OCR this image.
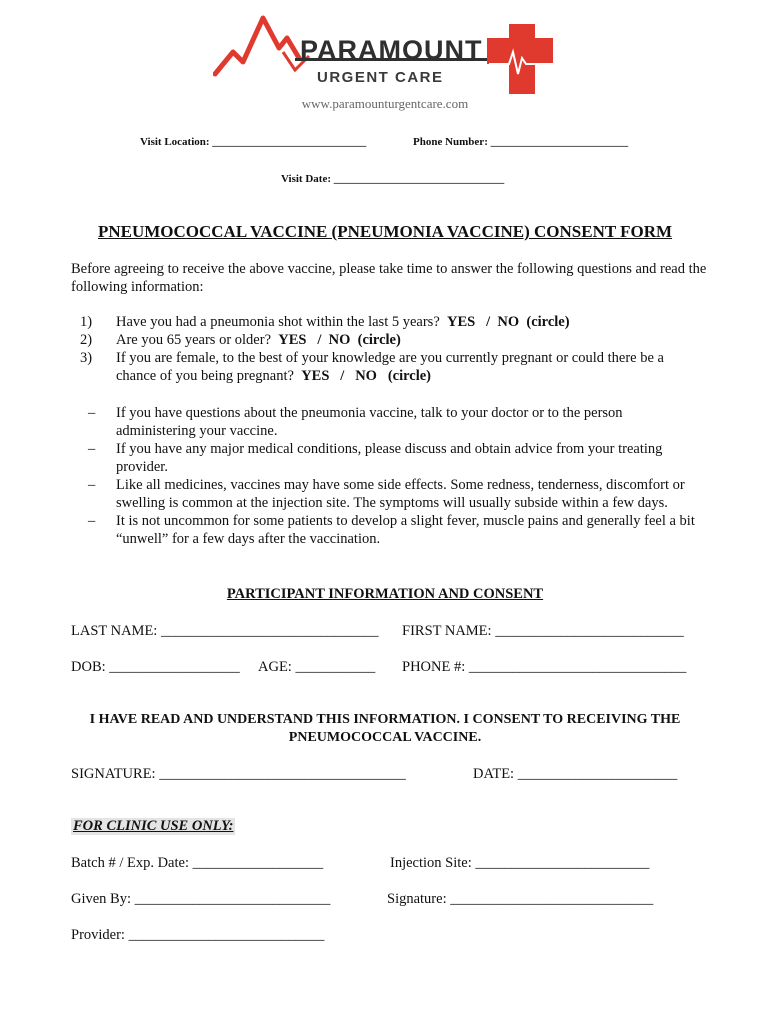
PARAMOUNT
URGENT CARE
www.paramounturgentcare.com
Visit Location: ____________________________	Phone Number: _________________________
Visit Date: _______________________________
PNEUMOCOCCAL VACCINE (PNEUMONIA VACCINE) CONSENT FORM
Before agreeing to receive the above vaccine, please take time to answer the following questions and read the following information:
1)	Have you had a pneumonia shot within the last 5 years? YES   /  NO  (circle)
2)	Are you 65 years or older? YES   /  NO  (circle)
3)	If you are female, to the best of your knowledge are you currently pregnant or could there be a chance of you being pregnant? YES   /   NO   (circle)
–	If you have questions about the pneumonia vaccine, talk to your doctor or to the person administering your vaccine.
–	If you have any major medical conditions, please discuss and obtain advice from your treating provider.
–	Like all medicines, vaccines may have some side effects. Some redness, tenderness, discomfort or swelling is common at the injection site. The symptoms will usually subside within a few days.
–	It is not uncommon for some patients to develop a slight fever, muscle pains and generally feel a bit “unwell” for a few days after the vaccination.
PARTICIPANT INFORMATION AND CONSENT
LAST NAME: ______________________________ FIRST NAME: __________________________
DOB: __________________ AGE: ___________ PHONE #: ______________________________
I HAVE READ AND UNDERSTAND THIS INFORMATION. I CONSENT TO RECEIVING THE PNEUMOCOCCAL VACCINE.
SIGNATURE: __________________________________	DATE: ______________________
FOR CLINIC USE ONLY:
Batch # / Exp. Date: __________________	Injection Site: ________________________
Given By: ___________________________	Signature: ____________________________
Provider: ___________________________
